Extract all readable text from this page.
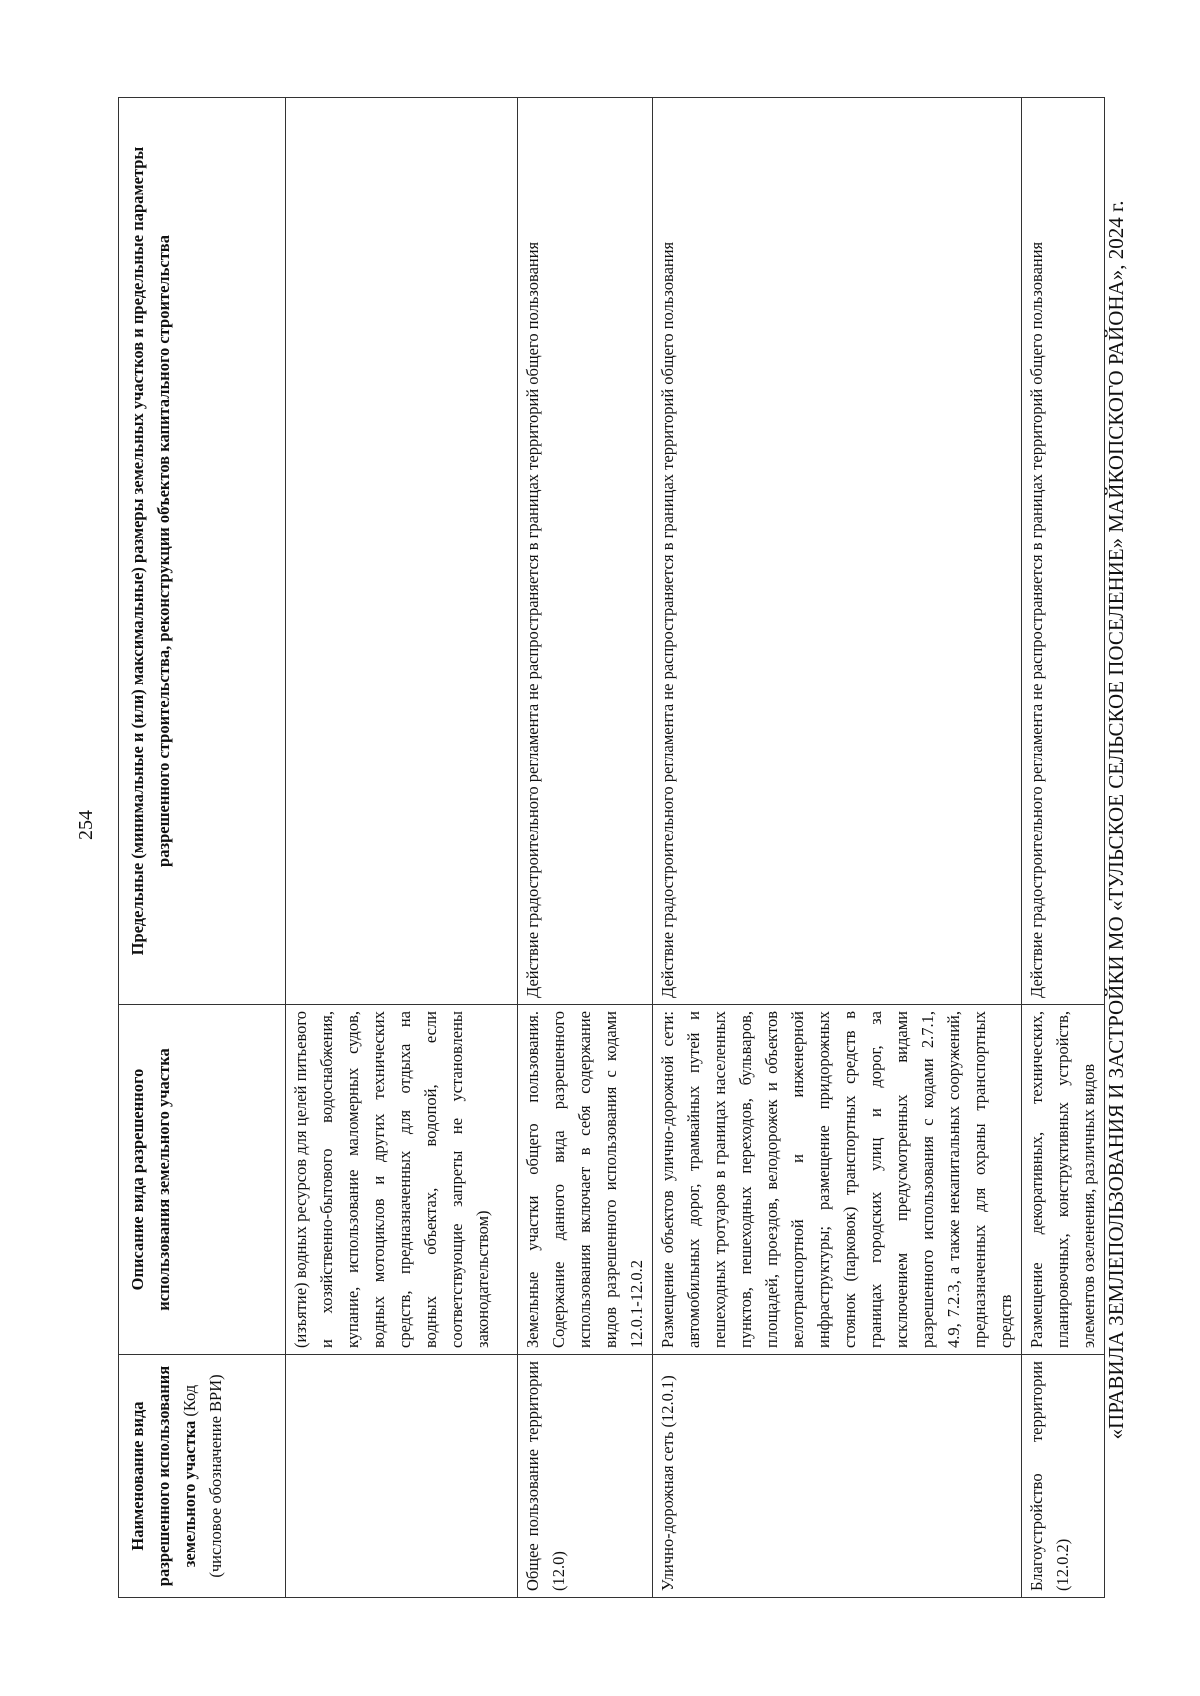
254
Наименование вида разрешенного использования земельного участка (Код (числовое обозначение ВРИ)	Описание вида разрешенного использования земельного участка	Предельные (минимальные и (или) максимальные) размеры земельных участков и предельные параметры разрешенного строительства, реконструкции объектов капитального строительства
	(изъятие) водных ресурсов для целей питьевого и хозяйственно-бытового водоснабжения, купание, использование маломерных судов, водных мотоциклов и других технических средств, предназначенных для отдыха на водных объектах, водопой, если соответствующие запреты не установлены законодательством)	
Общее пользование территории (12.0)	Земельные участки общего пользования. Содержание данного вида разрешенного использования включает в себя содержание видов разрешенного использования с кодами 12.0.1-12.0.2	Действие градостроительного регламента не распространяется в границах территорий общего пользования
Улично-дорожная сеть (12.0.1)	Размещение объектов улично-дорожной сети: автомобильных дорог, трамвайных путей и пешеходных тротуаров в границах населенных пунктов, пешеходных переходов, бульваров, площадей, проездов, велодорожек и объектов велотранспортной и инженерной инфраструктуры; размещение придорожных стоянок (парковок) транспортных средств в границах городских улиц и дорог, за исключением предусмотренных видами разрешенного использования с кодами 2.7.1, 4.9, 7.2.3, а также некапитальных сооружений, предназначенных для охраны транспортных средств	Действие градостроительного регламента не распространяется в границах территорий общего пользования
Благоустройство территории (12.0.2)	Размещение декоративных, технических, планировочных, конструктивных устройств, элементов озеленения, различных видов	Действие градостроительного регламента не распространяется в границах территорий общего пользования	«ПРАВИЛА ЗЕМЛЕПОЛЬЗОВАНИЯ И ЗАСТРОЙКИ МО «ТУЛЬСКОЕ СЕЛЬСКОЕ ПОСЕЛЕНИЕ» МАЙКОПСКОГО РАЙОНА», 2024 г.
